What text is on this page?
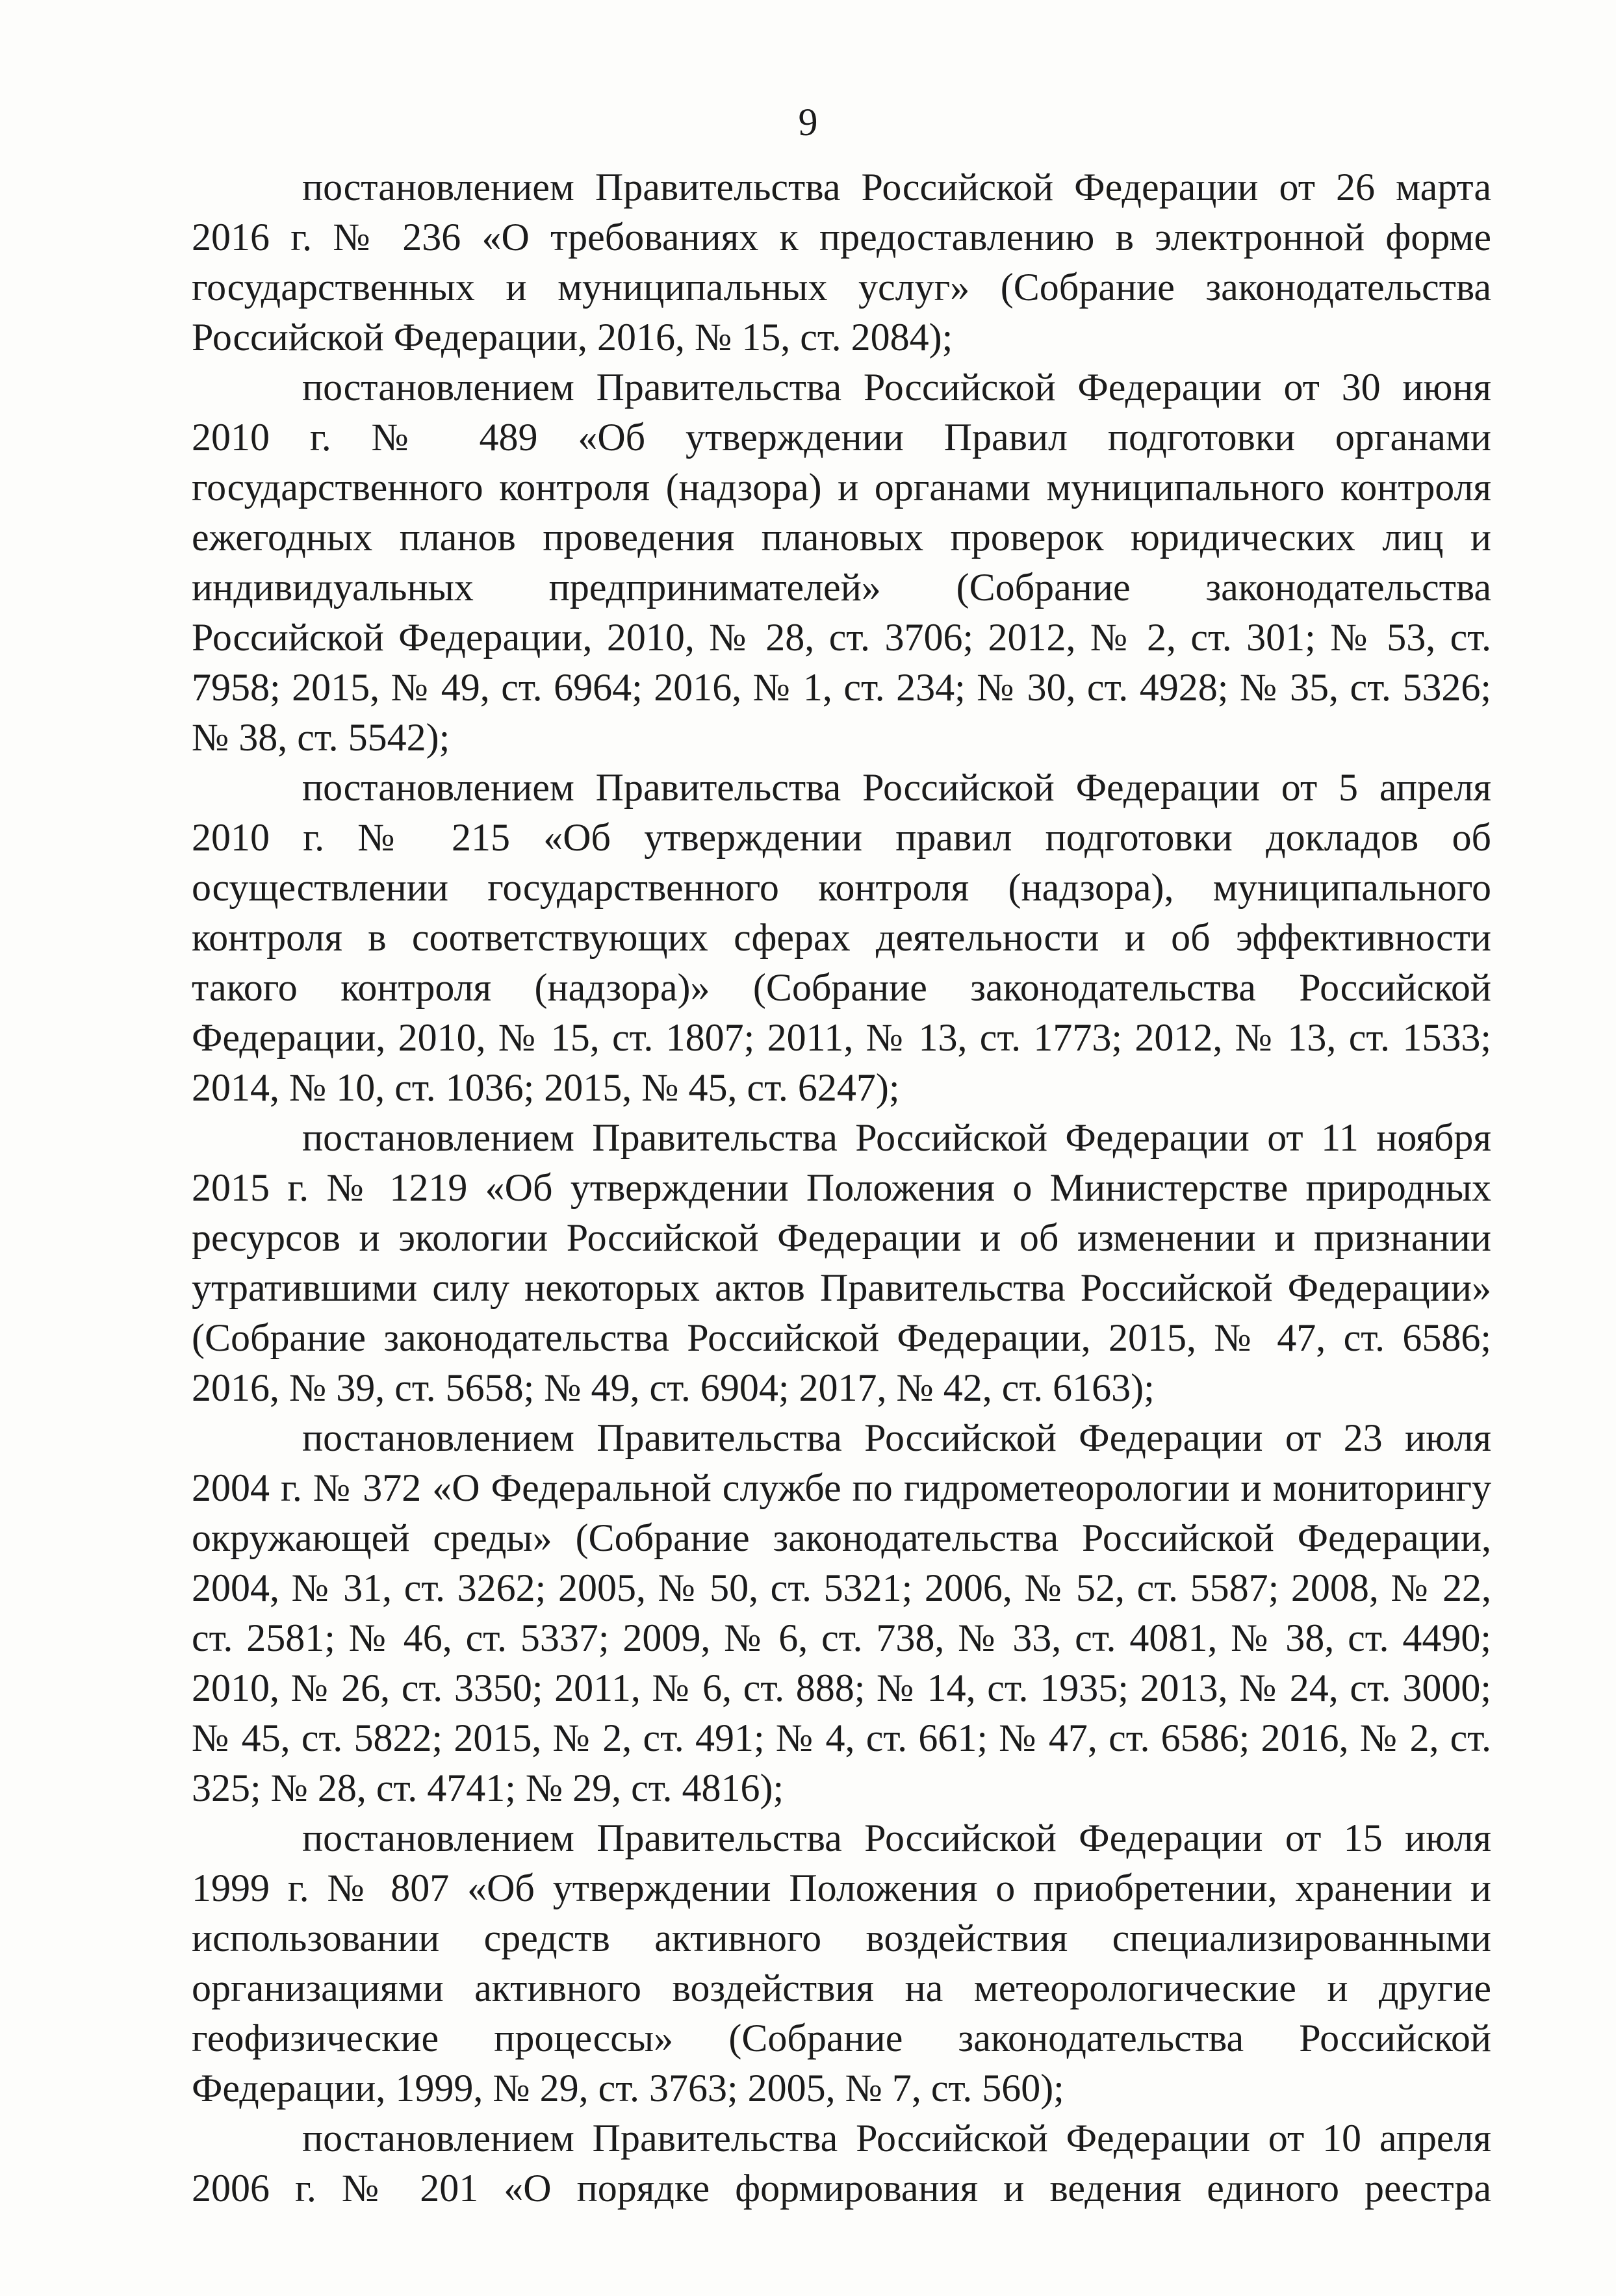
9

постановлением Правительства Российской Федерации от 26 марта 2016 г. № 236 «О требованиях к предоставлению в электронной форме государственных и муниципальных услуг» (Собрание законодательства Российской Федерации, 2016, № 15, ст. 2084);

постановлением Правительства Российской Федерации от 30 июня 2010 г. № 489 «Об утверждении Правил подготовки органами государственного контроля (надзора) и органами муниципального контроля ежегодных планов проведения плановых проверок юридических лиц и индивидуальных предпринимателей» (Собрание законодательства Российской Федерации, 2010, № 28, ст. 3706; 2012, № 2, ст. 301; № 53, ст. 7958; 2015, № 49, ст. 6964; 2016, № 1, ст. 234; № 30, ст. 4928; № 35, ст. 5326; № 38, ст. 5542);

постановлением Правительства Российской Федерации от 5 апреля 2010 г. № 215 «Об утверждении правил подготовки докладов об осуществлении государственного контроля (надзора), муниципального контроля в соответствующих сферах деятельности и об эффективности такого контроля (надзора)» (Собрание законодательства Российской Федерации, 2010, № 15, ст. 1807; 2011, № 13, ст. 1773; 2012, № 13, ст. 1533; 2014, № 10, ст. 1036; 2015, № 45, ст. 6247);

постановлением Правительства Российской Федерации от 11 ноября 2015 г. № 1219 «Об утверждении Положения о Министерстве природных ресурсов и экологии Российской Федерации и об изменении и признании утратившими силу некоторых актов Правительства Российской Федерации» (Собрание законодательства Российской Федерации, 2015, № 47, ст. 6586; 2016, № 39, ст. 5658; № 49, ст. 6904; 2017, № 42, ст. 6163);

постановлением Правительства Российской Федерации от 23 июля 2004 г. № 372 «О Федеральной службе по гидрометеорологии и мониторингу окружающей среды» (Собрание законодательства Российской Федерации, 2004, № 31, ст. 3262; 2005, № 50, ст. 5321; 2006, № 52, ст. 5587; 2008, № 22, ст. 2581; № 46, ст. 5337; 2009, № 6, ст. 738, № 33, ст. 4081, № 38, ст. 4490; 2010, № 26, ст. 3350; 2011, № 6, ст. 888; № 14, ст. 1935; 2013, № 24, ст. 3000; № 45, ст. 5822; 2015, № 2, ст. 491; № 4, ст. 661; № 47, ст. 6586; 2016, № 2, ст. 325; № 28, ст. 4741; № 29, ст. 4816);

постановлением Правительства Российской Федерации от 15 июля 1999 г. № 807 «Об утверждении Положения о приобретении, хранении и использовании средств активного воздействия специализированными организациями активного воздействия на метеорологические и другие геофизические процессы» (Собрание законодательства Российской Федерации, 1999, № 29, ст. 3763; 2005, № 7, ст. 560);

постановлением Правительства Российской Федерации от 10 апреля 2006 г. № 201 «О порядке формирования и ведения единого реестра
